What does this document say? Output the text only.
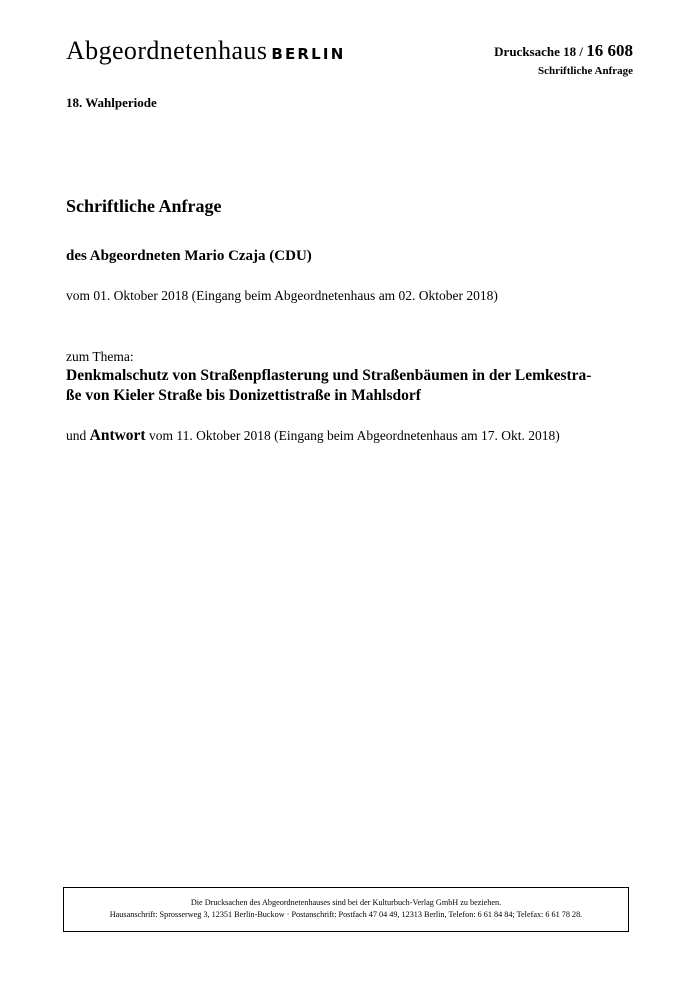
Abgeordnetenhaus BERLIN	Drucksache 18 / 16 608
Schriftliche Anfrage
18. Wahlperiode
Schriftliche Anfrage
des Abgeordneten Mario Czaja (CDU)
vom 01. Oktober 2018 (Eingang beim Abgeordnetenhaus am 02. Oktober 2018)
zum Thema:
Denkmalschutz von Straßenpflasterung und Straßenbäumen in der Lemkestra-
ße von Kieler Straße bis Donizettistraße in Mahlsdorf
und Antwort vom 11. Oktober 2018 (Eingang beim Abgeordnetenhaus am 17. Okt. 2018)
Die Drucksachen des Abgeordnetenhauses sind bei der Kulturbuch-Verlag GmbH zu beziehen.
Hausanschrift: Sprosserweg 3, 12351 Berlin-Buckow · Postanschrift: Postfach 47 04 49, 12313 Berlin, Telefon: 6 61 84 84; Telefax: 6 61 78 28.
